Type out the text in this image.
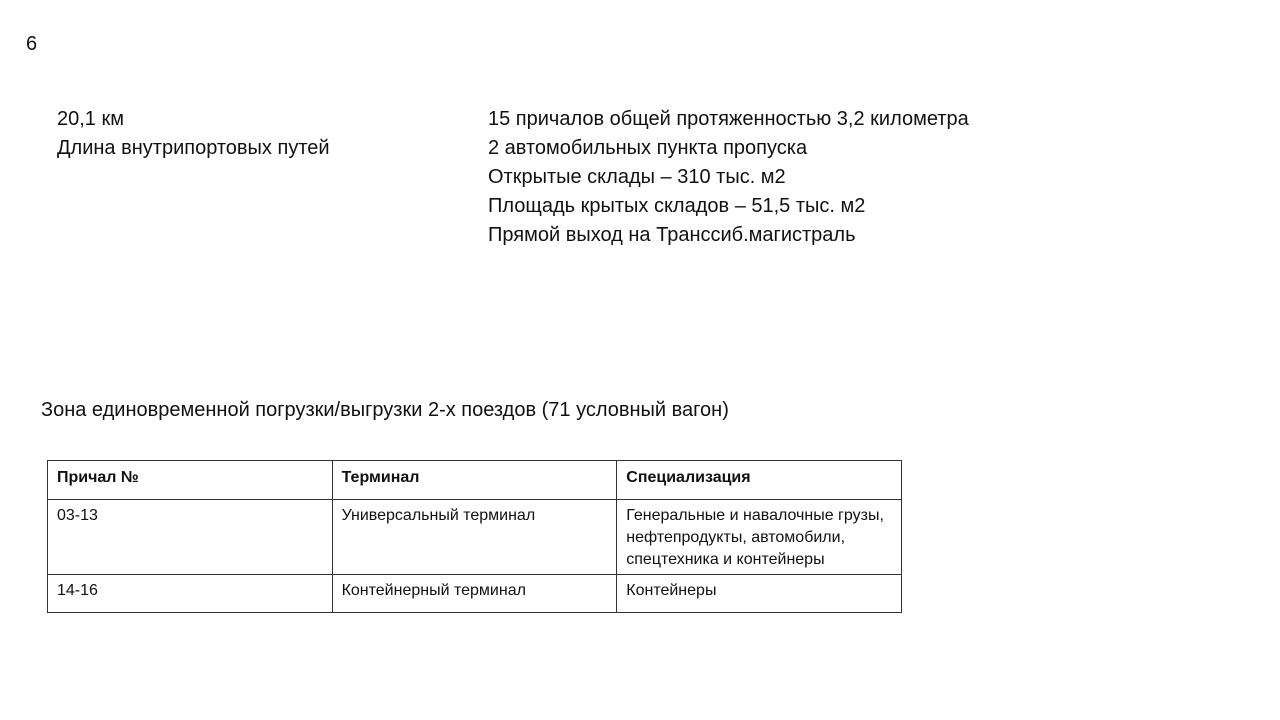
6
20,1 км
Длина внутрипортовых путей
15 причалов общей протяженностью 3,2 километра
2 автомобильных пункта пропуска
Открытые склады – 310 тыс. м2
Площадь крытых складов – 51,5 тыс. м2
Прямой выход на Транссиб.магистраль
Зона единовременной погрузки/выгрузки 2-х поездов (71 условный вагон)
Причал №	Терминал	Специализация
03-13	Универсальный терминал	Генеральные и навалочные грузы, нефтепродукты, автомобили, спецтехника и контейнеры
14-16	Контейнерный терминал	Контейнеры
